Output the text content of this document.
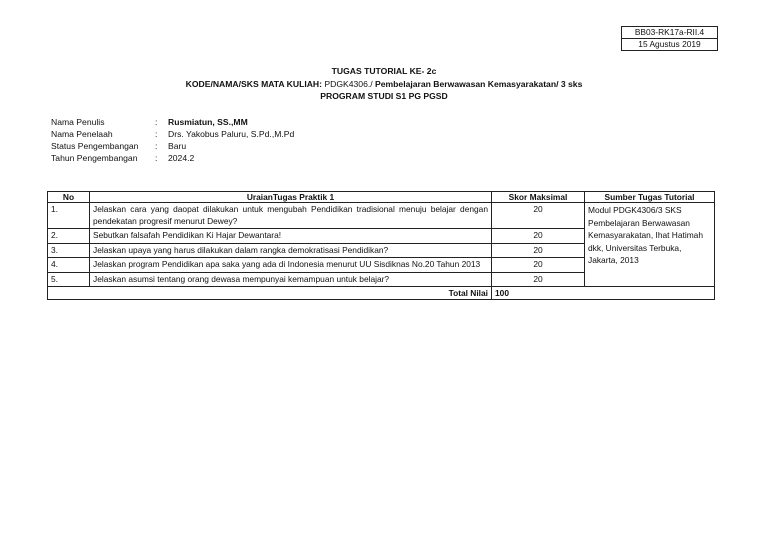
BB03-RK17a-RII.4
15 Agustus 2019
TUGAS TUTORIAL KE- 2c
KODE/NAMA/SKS MATA KULIAH: PDGK4306./ Pembelajaran Berwawasan Kemasyarakatan/ 3 sks
PROGRAM STUDI S1 PG PGSD
Nama Penulis	: Rusmiatun, SS.,MM
Nama Penelaah	: Drs. Yakobus Paluru, S.Pd.,M.Pd
Status Pengembangan : Baru
Tahun Pengembangan : 2024.2
No	UraianTugas Praktik 1	Skor Maksimal	Sumber Tugas Tutorial
1.	Jelaskan cara yang daopat dilakukan untuk mengubah Pendidikan tradisional menuju belajar dengan pendekatan progresif menurut Dewey?	20	Modul PDGK4306/3 SKS Pembelajaran Berwawasan Kemasyarakatan, Ihat Hatimah dkk, Universitas Terbuka, Jakarta, 2013
2.	Sebutkan falsafah Pendidikan Ki Hajar Dewantara!	20	
3.	Jelaskan upaya yang harus dilakukan dalam rangka demokratisasi Pendidikan?	20	
4.	Jelaskan program Pendidikan apa saka yang ada di Indonesia menurut UU Sisdiknas No.20 Tahun 2013	20	
5.	Jelaskan asumsi tentang orang dewasa mempunyai kemampuan untuk belajar?	20	
Total Nilai		100	
